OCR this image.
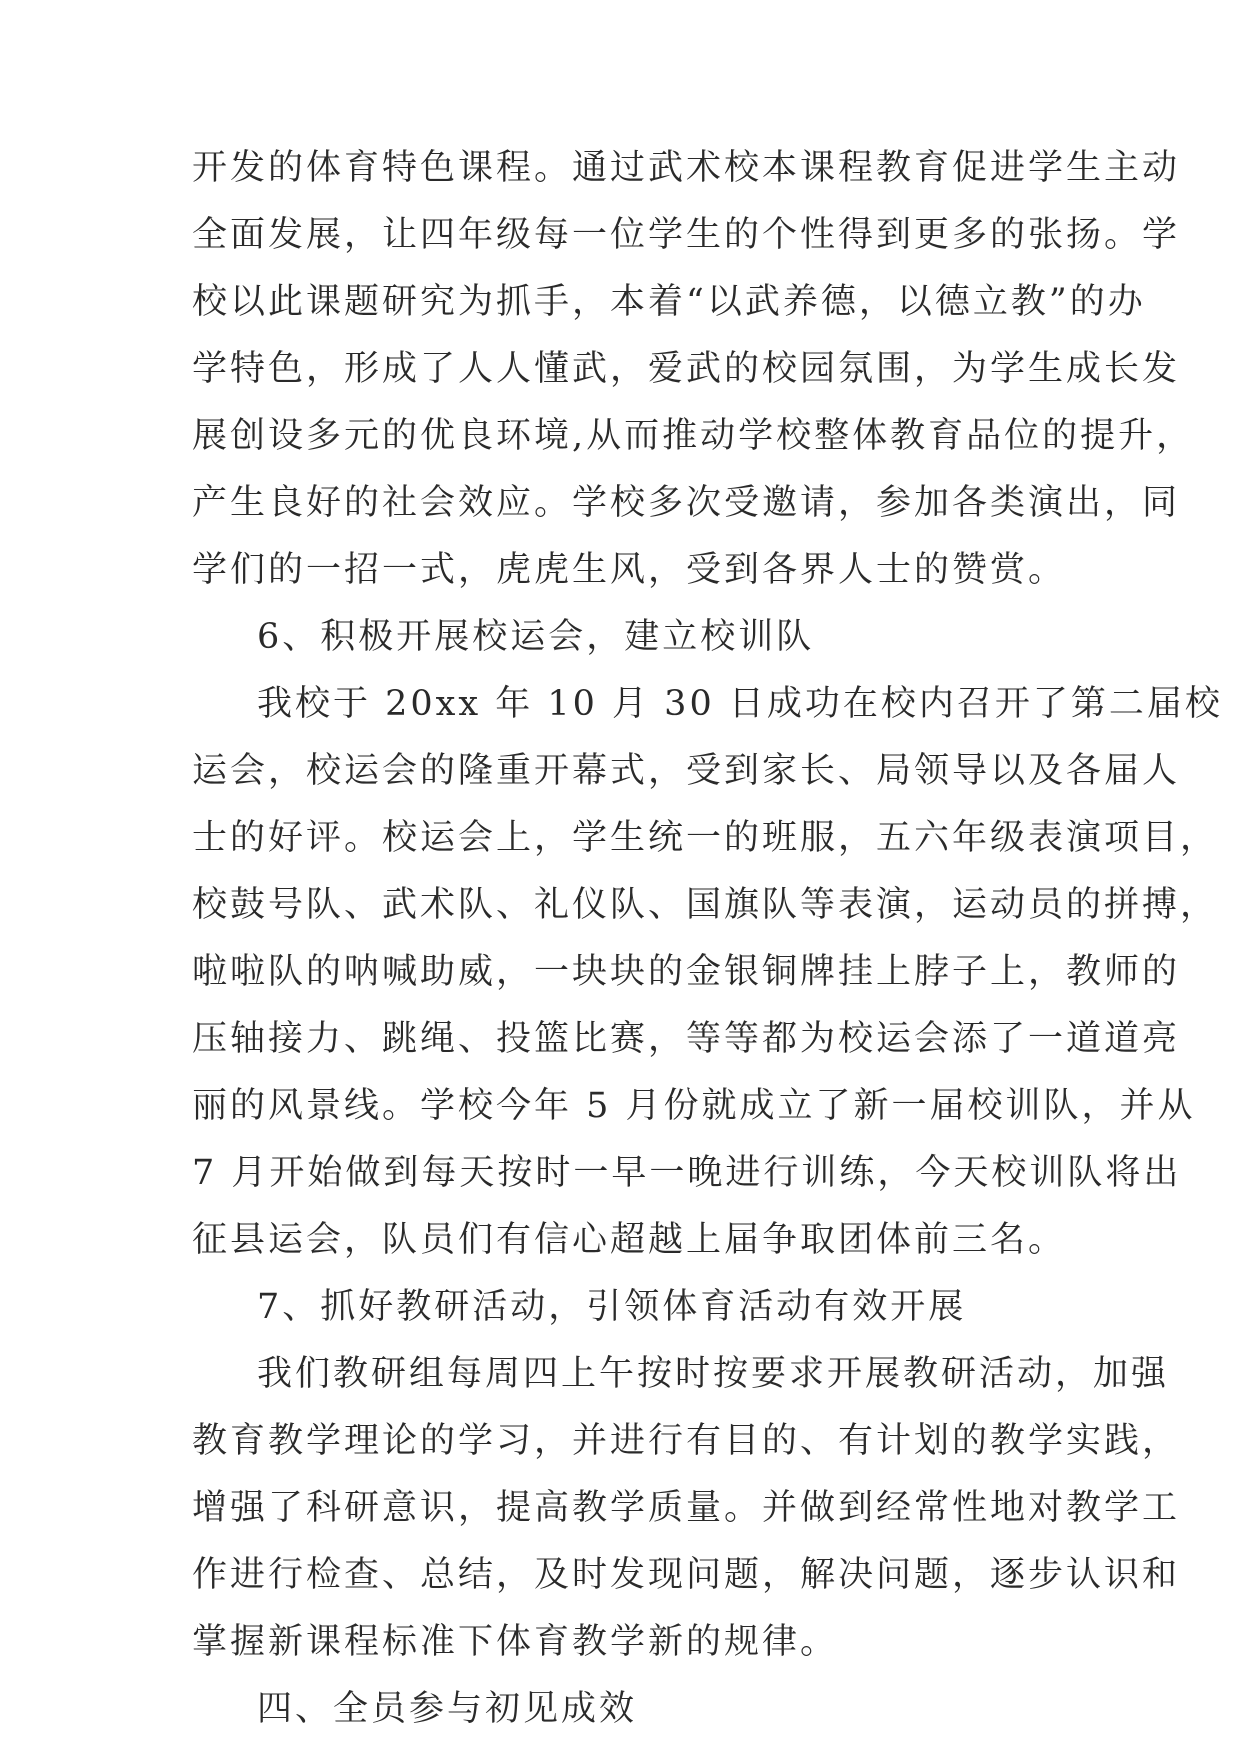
开发的体育特色课程。通过武术校本课程教育促进学生主动
全面发展，让四年级每一位学生的个性得到更多的张扬。学
校以此课题研究为抓手，本着“以武养德，以德立教”的办
学特色，形成了人人懂武，爱武的校园氛围，为学生成长发
展创设多元的优良环境,从而推动学校整体教育品位的提升，
产生良好的社会效应。学校多次受邀请，参加各类演出，同
学们的一招一式，虎虎生风，受到各界人士的赞赏。
6、积极开展校运会，建立校训队
我校于 20xx 年 10 月 30 日成功在校内召开了第二届校
运会，校运会的隆重开幕式，受到家长、局领导以及各届人
士的好评。校运会上，学生统一的班服，五六年级表演项目，
校鼓号队、武术队、礼仪队、国旗队等表演，运动员的拼搏，
啦啦队的呐喊助威，一块块的金银铜牌挂上脖子上，教师的
压轴接力、跳绳、投篮比赛，等等都为校运会添了一道道亮
丽的风景线。学校今年 5 月份就成立了新一届校训队，并从
7 月开始做到每天按时一早一晚进行训练，今天校训队将出
征县运会，队员们有信心超越上届争取团体前三名。
7、抓好教研活动，引领体育活动有效开展
我们教研组每周四上午按时按要求开展教研活动，加强
教育教学理论的学习，并进行有目的、有计划的教学实践，
增强了科研意识，提高教学质量。并做到经常性地对教学工
作进行检查、总结，及时发现问题，解决问题，逐步认识和
掌握新课程标准下体育教学新的规律。
四、全员参与初见成效
